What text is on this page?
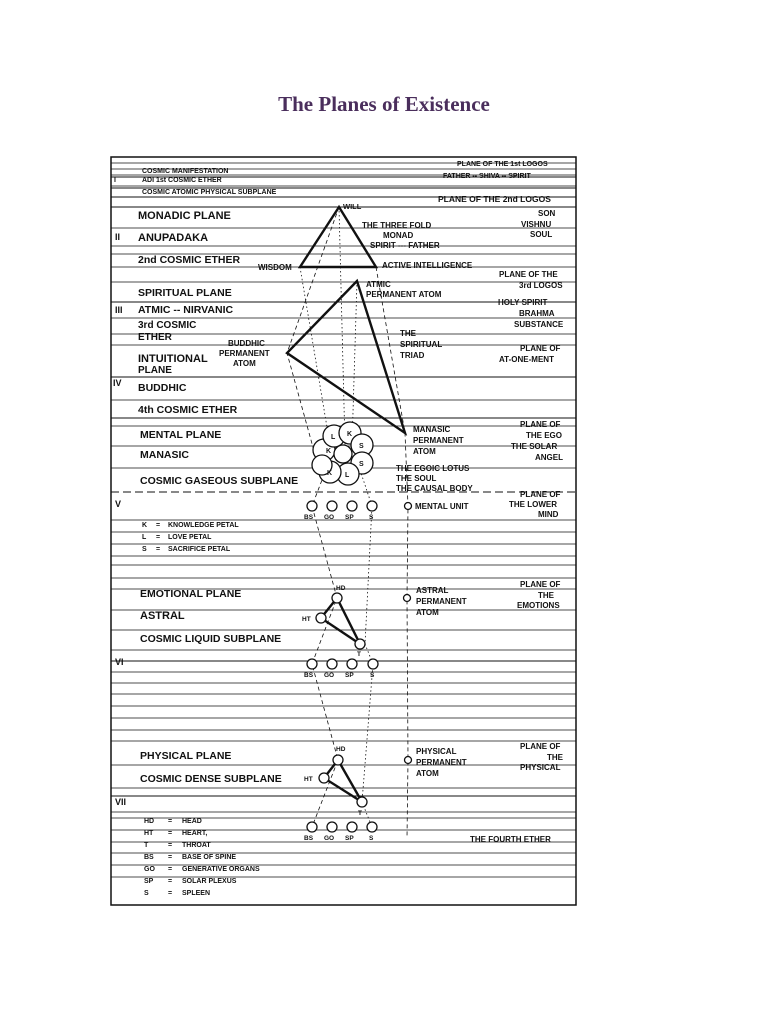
The Planes of Existence
K
K
S
L
S
K L
BS GO SP S
HD
HT
T
BS GO SP	S
HD
HT
T
BS GO SP S
I
II
III
IV
V
VI
VII
COSMIC MANIFESTATION
ADI 1st COSMIC ETHER
COSMIC ATOMIC PHYSICAL SUBPLANE
MONADIC PLANE
ANUPADAKA
2nd COSMIC ETHER
SPIRITUAL PLANE
ATMIC -- NIRVANIC
3rd COSMIC
ETHER
INTUITIONAL
PLANE
BUDDHIC
4th COSMIC ETHER
MENTAL PLANE
MANASIC
COSMIC GASEOUS SUBPLANE
EMOTIONAL PLANE
ASTRAL
COSMIC LIQUID SUBPLANE
PHYSICAL PLANE
COSMIC DENSE SUBPLANE
WILL
THE THREE FOLD
MONAD
SPIRIT --- FATHER
WISDOM	ACTIVE INTELLIGENCE
ATMIC
PERMANENT ATOM
BUDDHIC
PERMANENT
ATOM
THE
SPIRITUAL
TRIAD
MANASIC
PERMANENT
ATOM
THE EGOIC LOTUS
THE SOUL
THE CAUSAL BODY
MENTAL UNIT
ASTRAL
PERMANENT
ATOM
PHYSICAL
PERMANENT
ATOM
PLANE OF THE 1st LOGOS
FATHER -- SHIVA -- SPIRIT
PLANE OF THE 2nd LOGOS
SON
VISHNU
SOUL
PLANE OF THE
3rd LOGOS
HOLY SPIRIT
BRAHMA
SUBSTANCE
PLANE OF
AT-ONE-MENT
PLANE OF
THE EGO
THE SOLAR
ANGEL
PLANE OF
THE LOWER
MIND
PLANE OF
THE
EMOTIONS
PLANE OF
THE
PHYSICAL
THE FOURTH ETHER
K = KNOWLEDGE PETAL
L = LOVE PETAL
S = SACRIFICE PETAL
HD = HEAD
HT = HEART,
T	= THROAT
BS = BASE OF SPINE
GO = GENERATIVE ORGANS
SP = SOLAR PLEXUS
S	= SPLEEN
